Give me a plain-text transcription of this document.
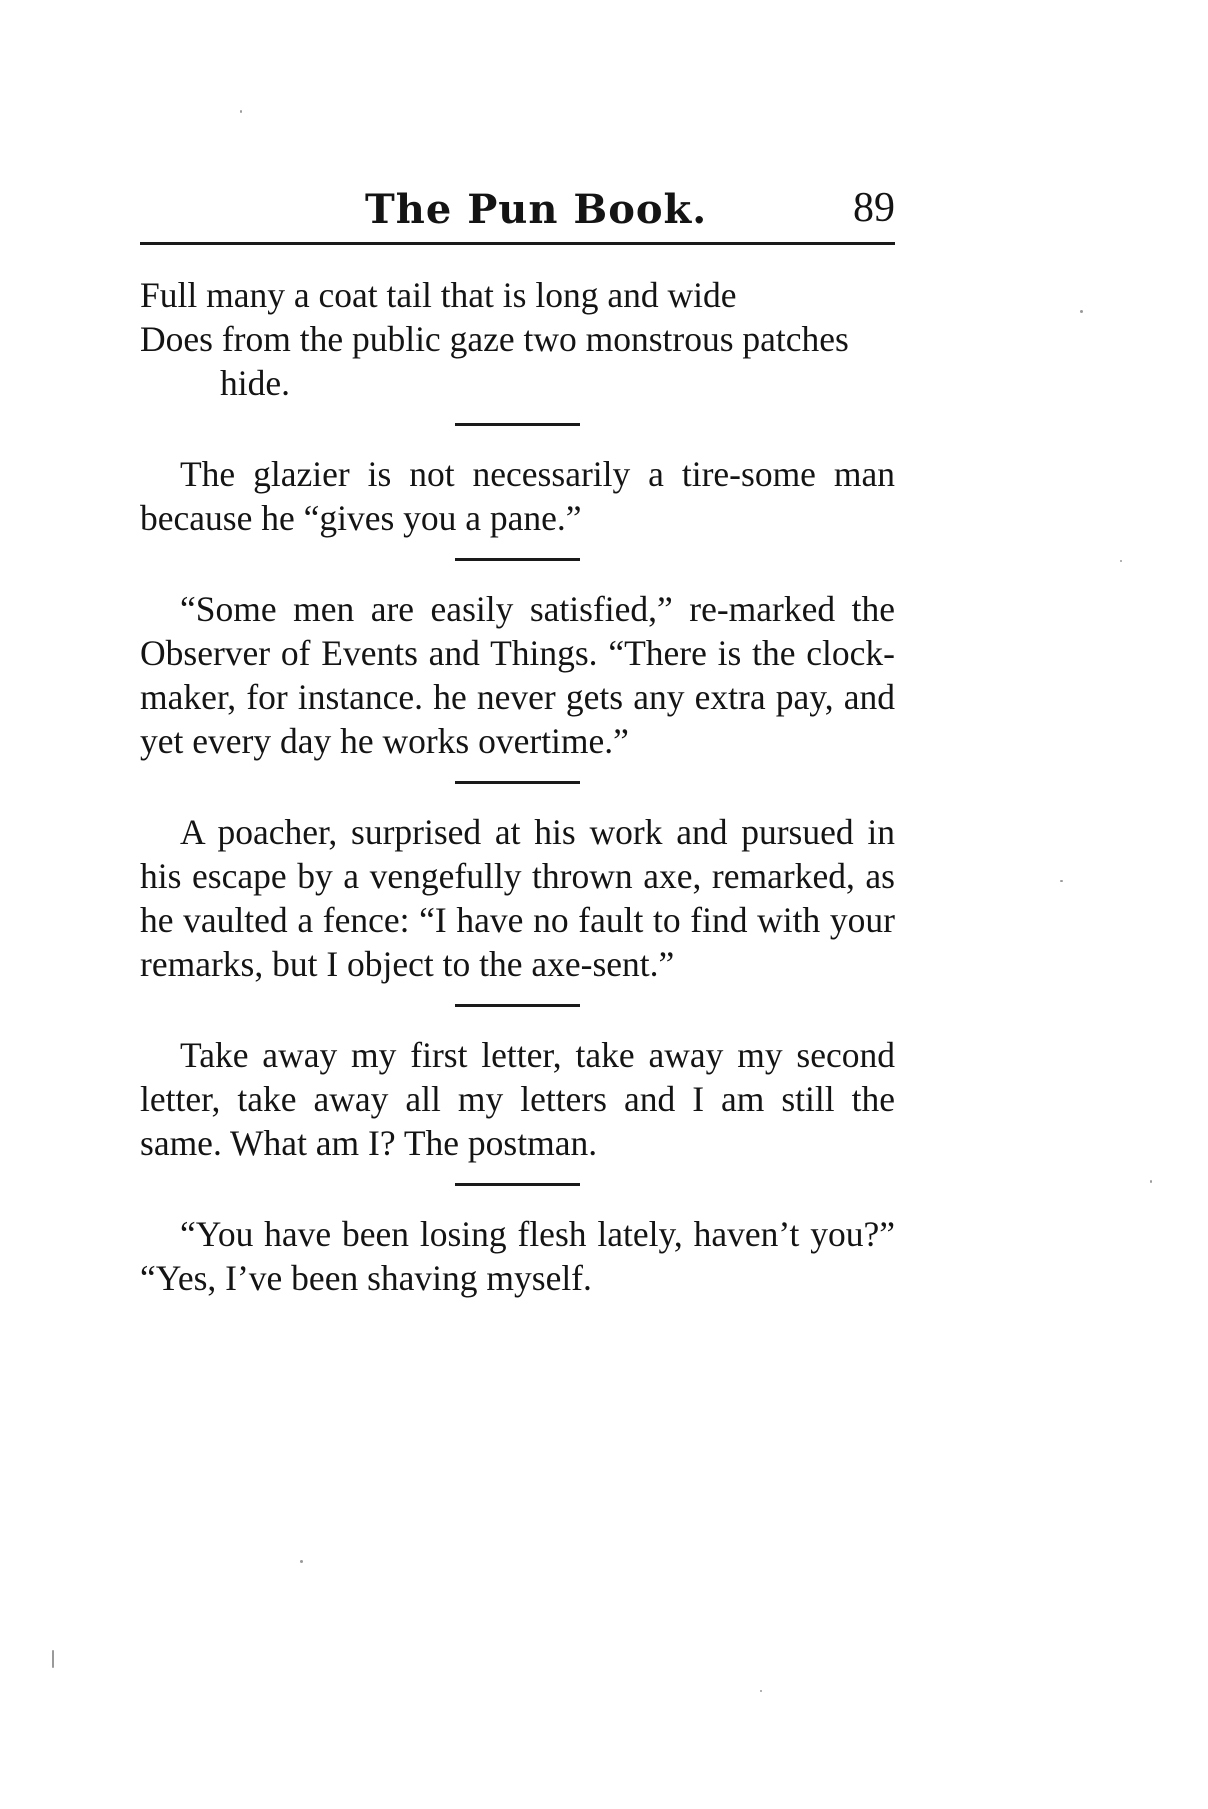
The Pun Book.	89

Full many a coat tail that is long and wide

Does from the public gaze two monstrous patches hide.

The glazier is not necessarily a tire-some man because he “gives you a pane.”

“Some men are easily satisfied,” re-marked the Observer of Events and Things. “There is the clock-maker, for instance. he never gets any extra pay, and yet every day he works overtime.”

A poacher, surprised at his work and pursued in his escape by a vengefully thrown axe, remarked, as he vaulted a fence: “I have no fault to find with your remarks, but I object to the axe-sent.”

Take away my first letter, take away my second letter, take away all my letters and I am still the same. What am I? The postman.

“You have been losing flesh lately, haven’t you?” “Yes, I’ve been shaving myself.
